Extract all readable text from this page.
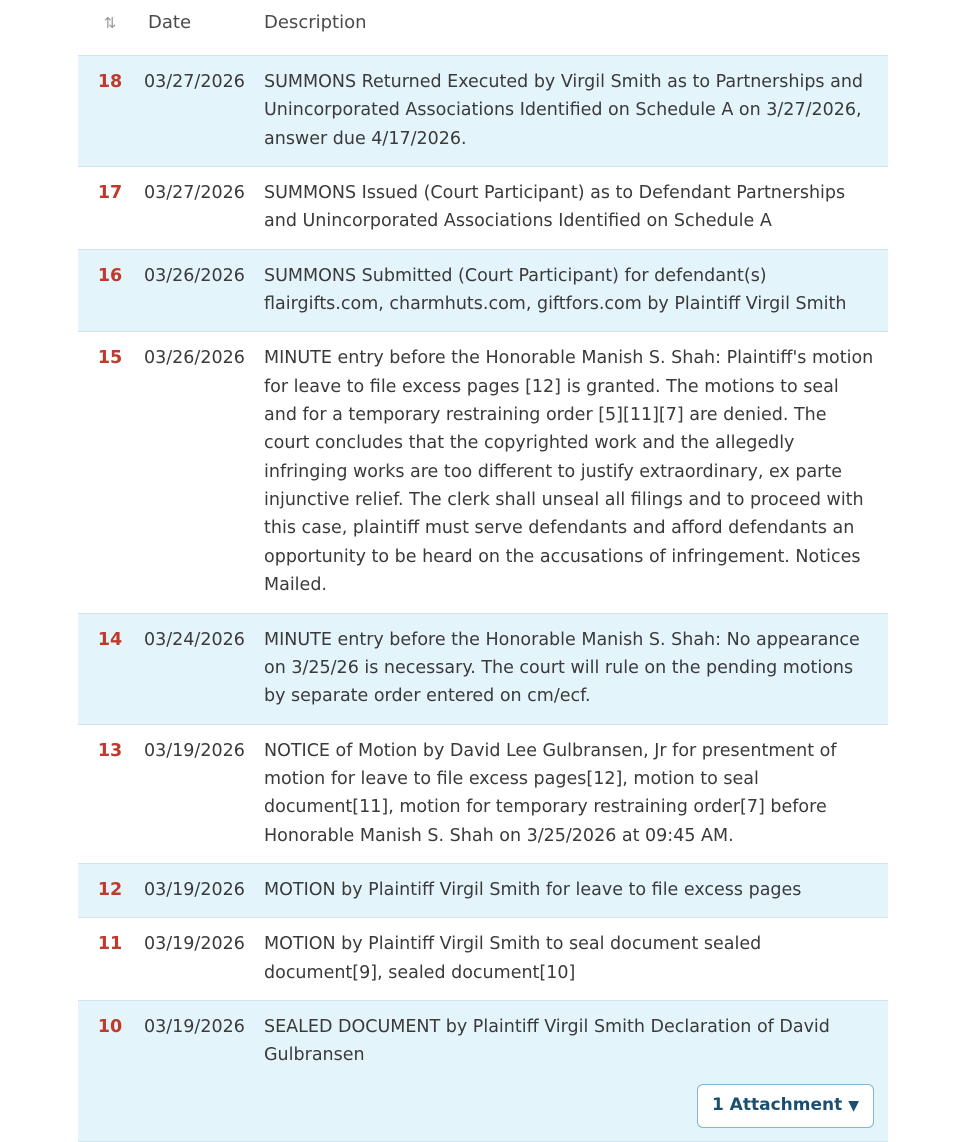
⇅	Date	Description
18	03/27/2026	SUMMONS Returned Executed by Virgil Smith as to Partnerships and Unincorporated Associations Identified on Schedule A on 3/27/2026, answer due 4/17/2026.

17	03/27/2026	SUMMONS Issued (Court Participant) as to Defendant Partnerships and Unincorporated Associations Identified on Schedule A

16	03/26/2026	SUMMONS Submitted (Court Participant) for defendant(s) flairgifts.com, charmhuts.com, giftfors.com by Plaintiff Virgil Smith

15	03/26/2026	MINUTE entry before the Honorable Manish S. Shah: Plaintiff's motion for leave to file excess pages [12] is granted. The motions to seal and for a temporary restraining order [5][11][7] are denied. The court concludes that the copyrighted work and the allegedly infringing works are too different to justify extraordinary, ex parte injunctive relief. The clerk shall unseal all filings and to proceed with this case, plaintiff must serve defendants and afford defendants an opportunity to be heard on the accusations of infringement. Notices Mailed.

14	03/24/2026	MINUTE entry before the Honorable Manish S. Shah: No appearance on 3/25/26 is necessary. The court will rule on the pending motions by separate order entered on cm/ecf.

13	03/19/2026	NOTICE of Motion by David Lee Gulbransen, Jr for presentment of motion for leave to file excess pages[12], motion to seal document[11], motion for temporary restraining order[7] before Honorable Manish S. Shah on 3/25/2026 at 09:45 AM.

12	03/19/2026	MOTION by Plaintiff Virgil Smith for leave to file excess pages

11	03/19/2026	MOTION by Plaintiff Virgil Smith to seal document sealed document[9], sealed document[10]

10	03/19/2026	SEALED DOCUMENT by Plaintiff Virgil Smith Declaration of David Gulbransen
1 Attachment ▼
